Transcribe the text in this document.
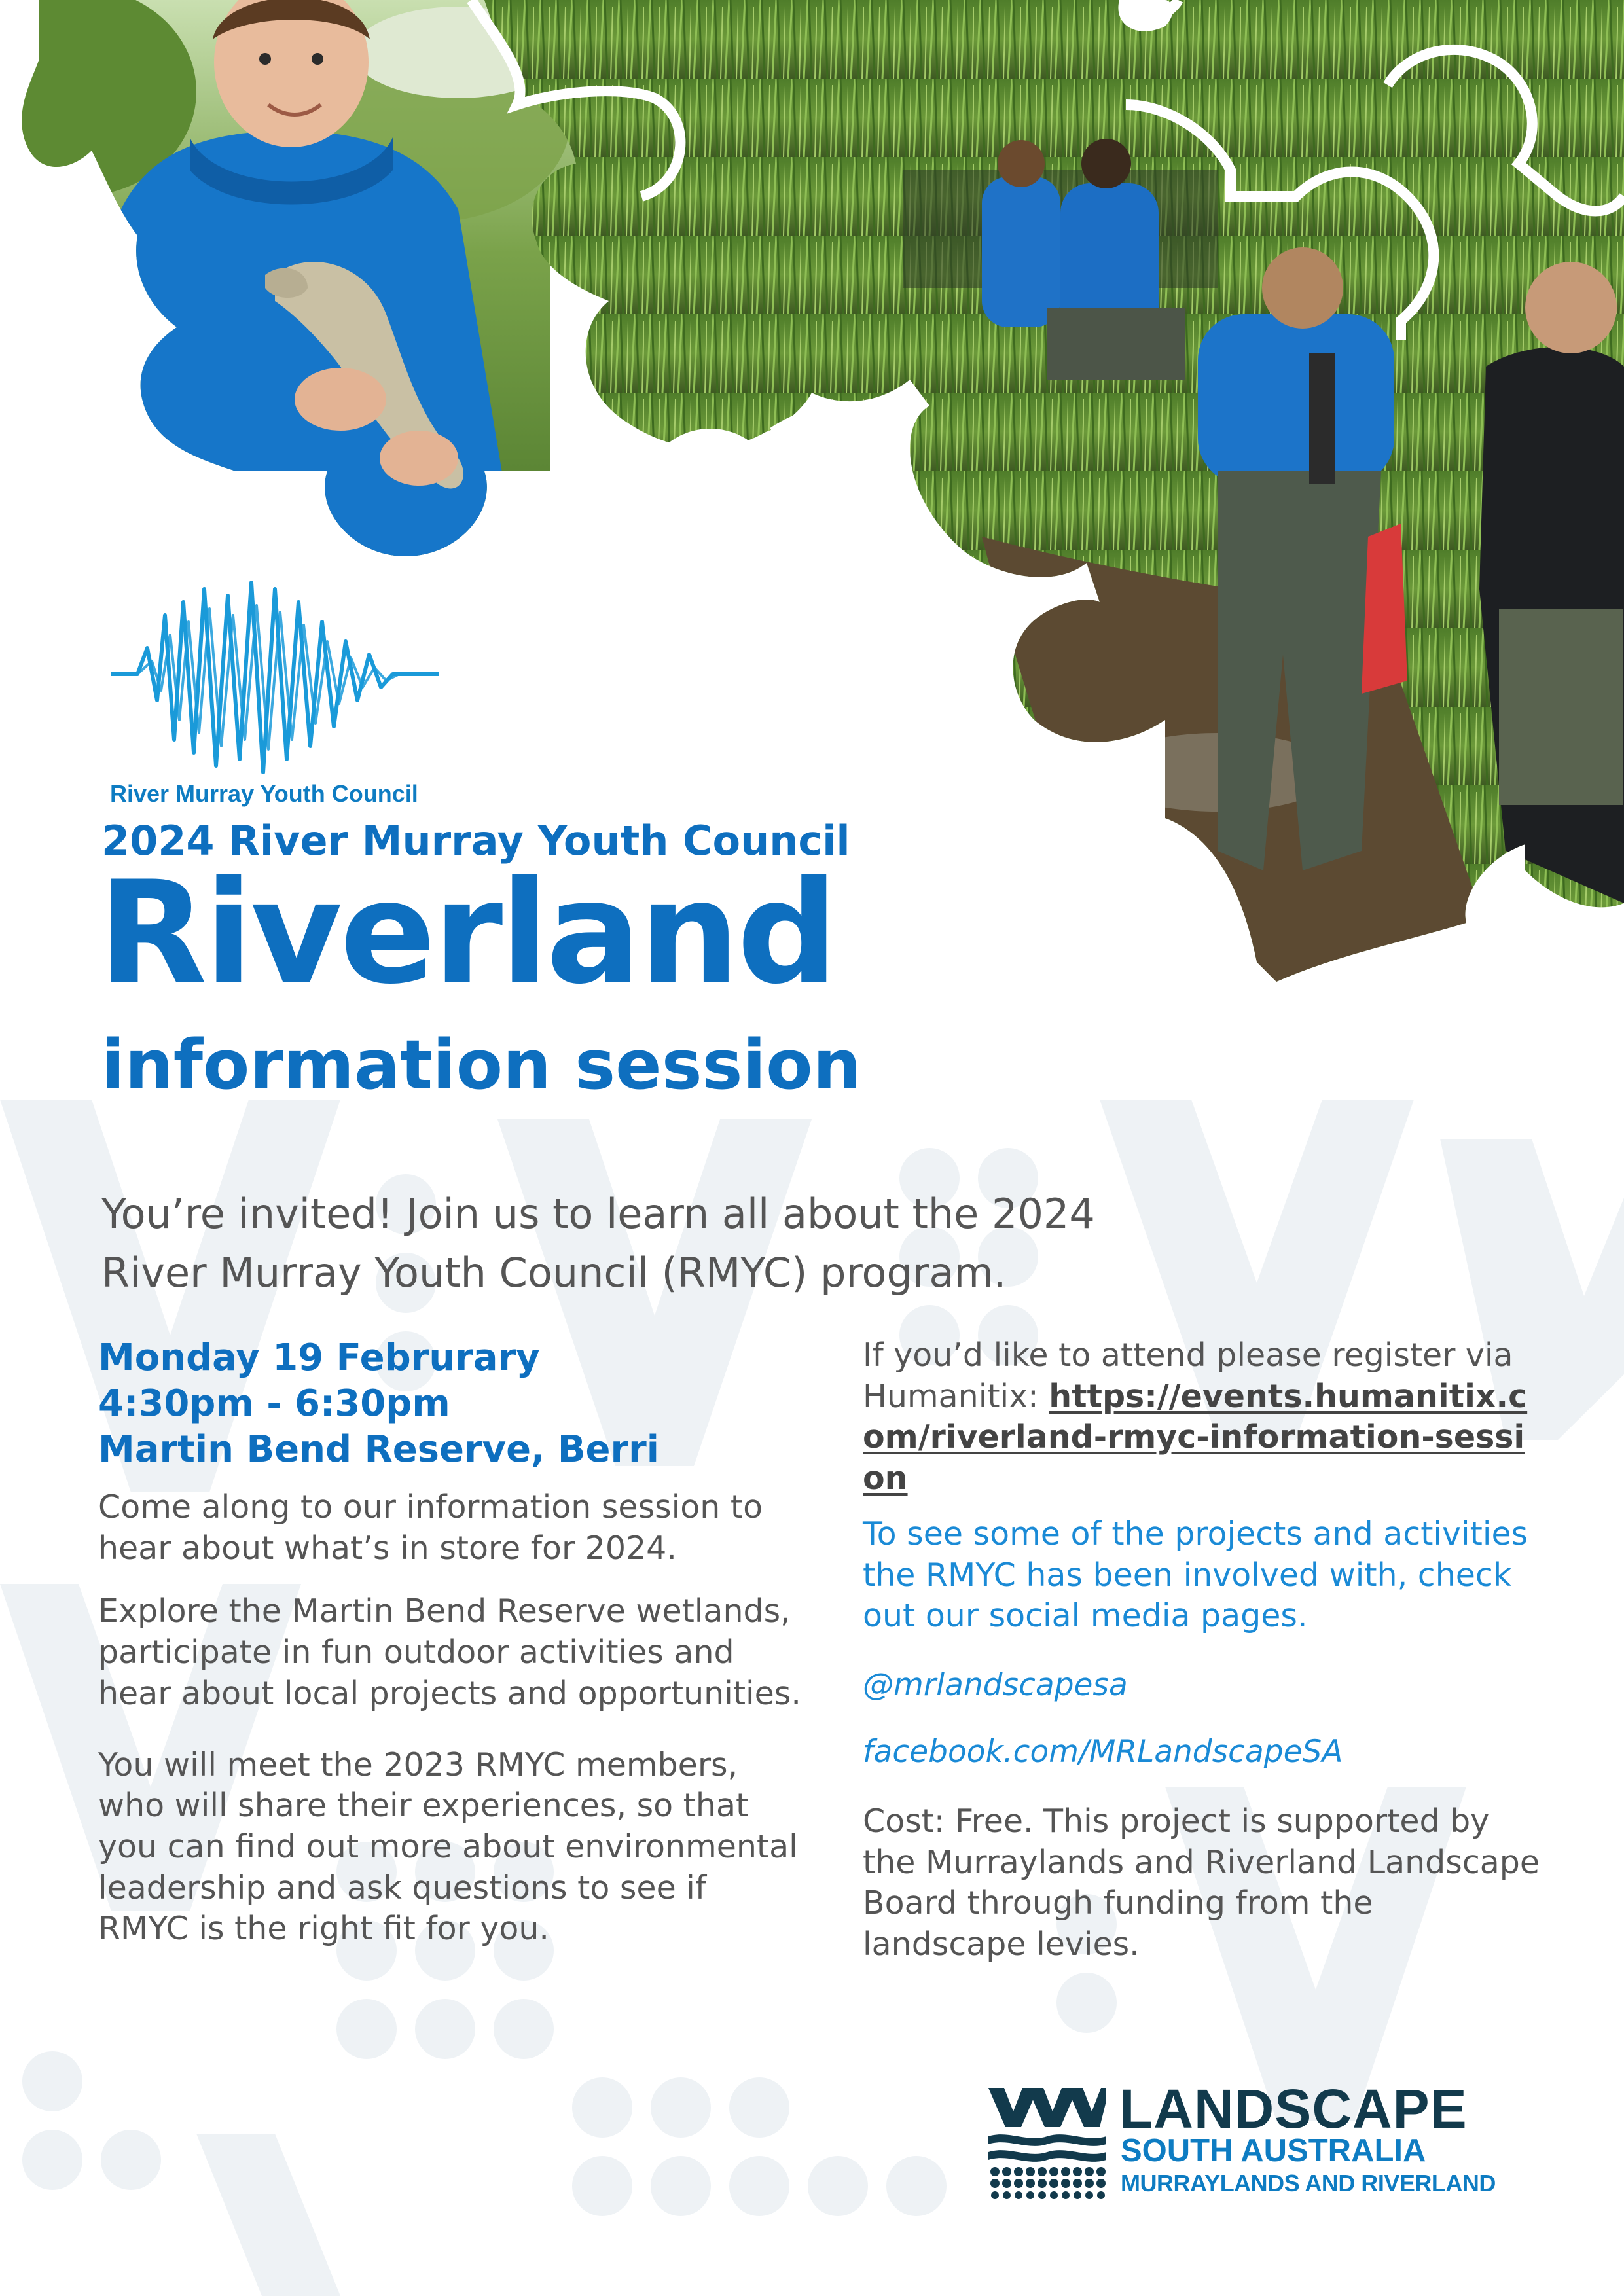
River Murray Youth Council
2024 River Murray Youth Council
Riverland
information session
You’re invited! Join us to learn all about the 2024
River Murray Youth Council (RMYC) program.
Monday 19 Februrary
4:30pm - 6:30pm
Martin Bend Reserve, Berri

Come along to our information session to hear about what’s in store for 2024.

Explore the Martin Bend Reserve wetlands, participate in fun outdoor activities and hear about local projects and opportunities.

You will meet the 2023 RMYC members, who will share their experiences, so that you can find out more about environmental leadership and ask questions to see if RMYC is the right fit for you.

If you’d like to attend please register via Humanitix: https://events.humanitix.com/riverland-rmyc-information-session

To see some of the projects and activities the RMYC has been involved with, check out our social media pages.

@mrlandscapesa

facebook.com/MRLandscapeSA

Cost: Free. This project is supported by the Murraylands and Riverland Landscape Board through funding from the landscape levies.

LANDSCAPE
SOUTH AUSTRALIA
MURRAYLANDS AND RIVERLAND
